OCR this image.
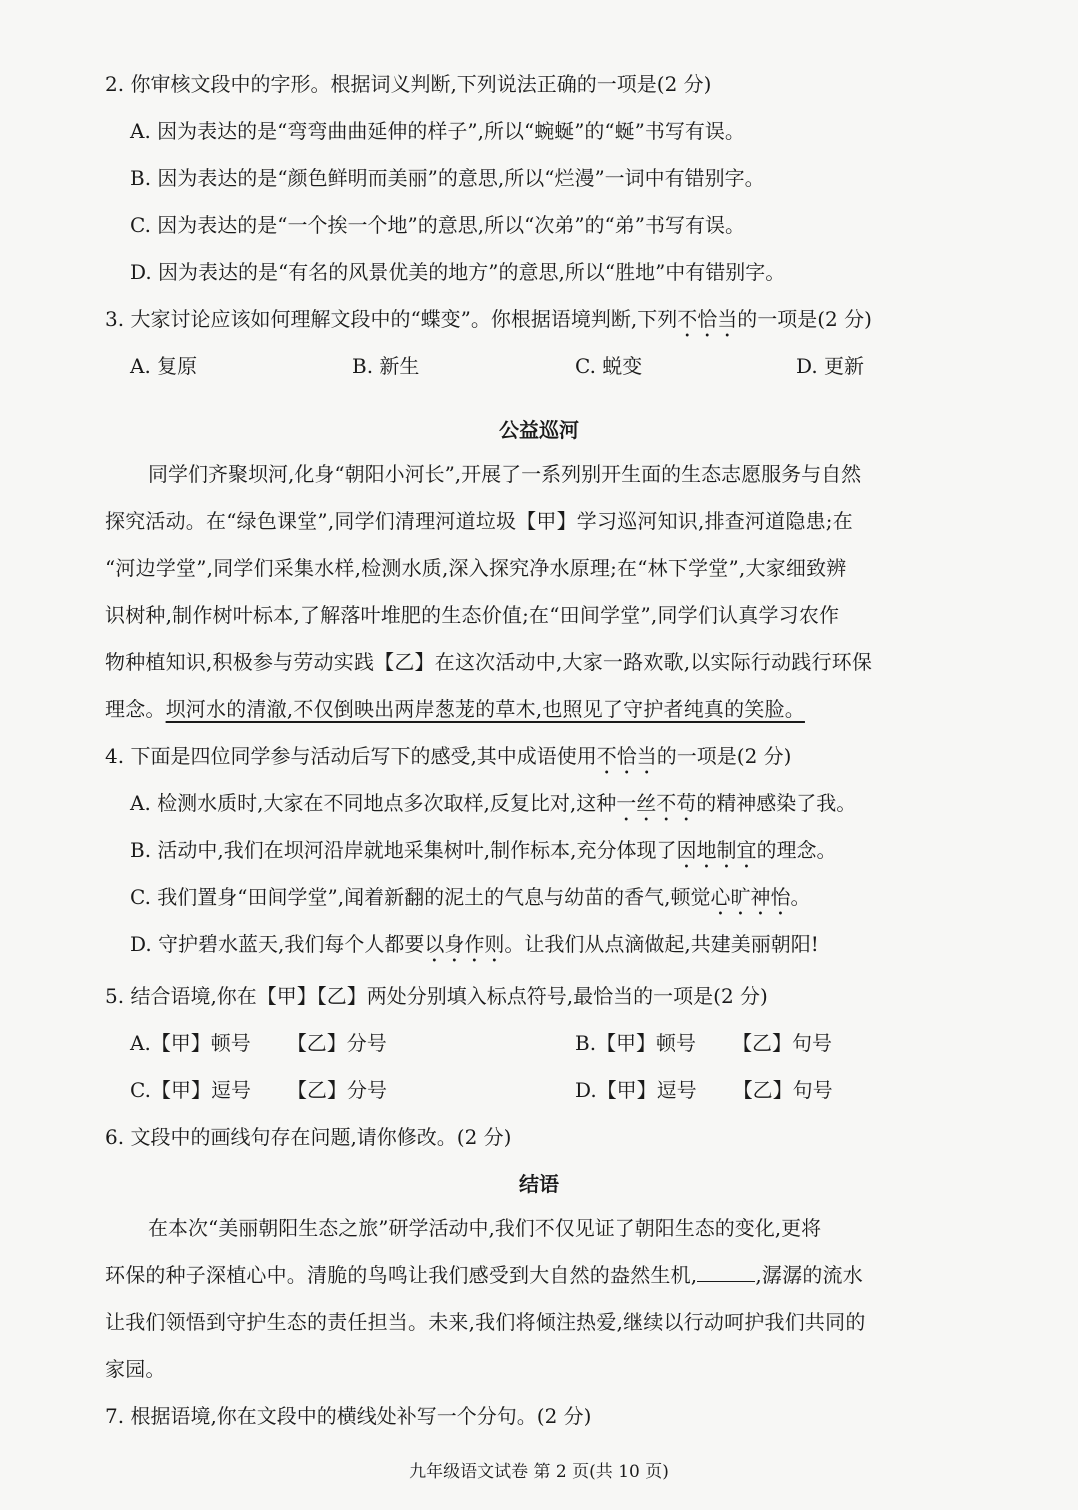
2. 你审核文段中的字形。根据词义判断,下列说法正确的一项是(2 分)
A. 因为表达的是“弯弯曲曲延伸的样子”,所以“蜿蜒”的“蜒”书写有误。
B. 因为表达的是“颜色鲜明而美丽”的意思,所以“烂漫”一词中有错别字。
C. 因为表达的是“一个挨一个地”的意思,所以“次弟”的“弟”书写有误。
D. 因为表达的是“有名的风景优美的地方”的意思,所以“胜地”中有错别字。
3. 大家讨论应该如何理解文段中的“蝶变”。你根据语境判断,下列不恰当的一项是(2 分)
A. 复原	B. 新生	C. 蜕变	D. 更新
公益巡河
同学们齐聚坝河,化身“朝阳小河长”,开展了一系列别开生面的生态志愿服务与自然
探究活动。在“绿色课堂”,同学们清理河道垃圾【甲】学习巡河知识,排查河道隐患;在
“河边学堂”,同学们采集水样,检测水质,深入探究净水原理;在“林下学堂”,大家细致辨
识树种,制作树叶标本,了解落叶堆肥的生态价值;在“田间学堂”,同学们认真学习农作
物种植知识,积极参与劳动实践【乙】在这次活动中,大家一路欢歌,以实际行动践行环保
理念。坝河水的清澈,不仅倒映出两岸葱茏的草木,也照见了守护者纯真的笑脸。
4. 下面是四位同学参与活动后写下的感受,其中成语使用不恰当的一项是(2 分)
A. 检测水质时,大家在不同地点多次取样,反复比对,这种一丝不苟的精神感染了我。
B. 活动中,我们在坝河沿岸就地采集树叶,制作标本,充分体现了因地制宜的理念。
C. 我们置身“田间学堂”,闻着新翻的泥土的气息与幼苗的香气,顿觉心旷神怡。
D. 守护碧水蓝天,我们每个人都要以身作则。让我们从点滴做起,共建美丽朝阳!
5. 结合语境,你在【甲】【乙】两处分别填入标点符号,最恰当的一项是(2 分)
A.【甲】顿号 【乙】分号	B.【甲】顿号 【乙】句号
C.【甲】逗号 【乙】分号	D.【甲】逗号 【乙】句号
6. 文段中的画线句存在问题,请你修改。(2 分)
结语
在本次“美丽朝阳生态之旅”研学活动中,我们不仅见证了朝阳生态的变化,更将
环保的种子深植心中。清脆的鸟鸣让我们感受到大自然的盎然生机,	,潺潺的流水
让我们领悟到守护生态的责任担当。未来,我们将倾注热爱,继续以行动呵护我们共同的
家园。
7. 根据语境,你在文段中的横线处补写一个分句。(2 分)
九年级语文试卷 第 2 页(共 10 页)
